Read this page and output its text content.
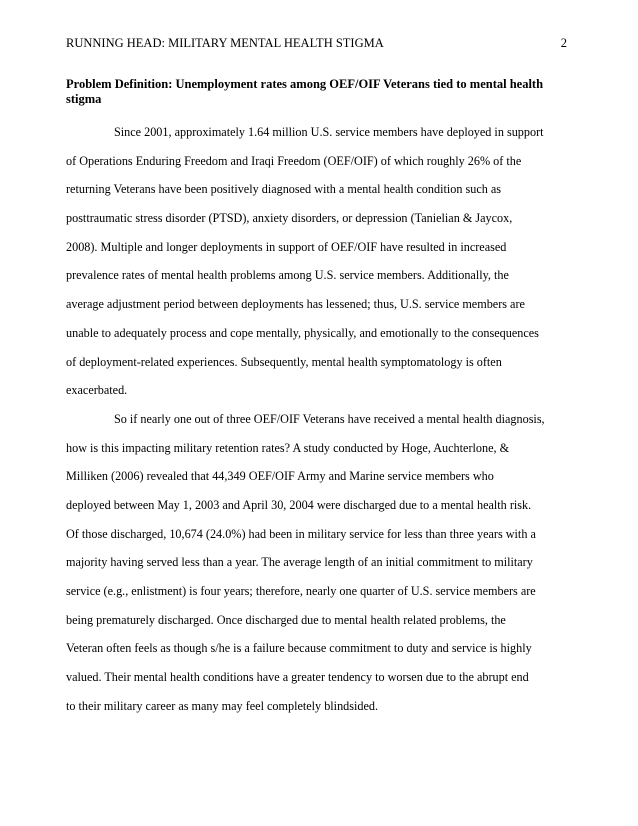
RUNNING HEAD: MILITARY MENTAL HEALTH STIGMA	2
Problem Definition: Unemployment rates among OEF/OIF Veterans tied to mental health
stigma
Since 2001, approximately 1.64 million U.S. service members have deployed in support
of Operations Enduring Freedom and Iraqi Freedom (OEF/OIF) of which roughly 26% of the
returning Veterans have been positively diagnosed with a mental health condition such as
posttraumatic stress disorder (PTSD), anxiety disorders, or depression (Tanielian & Jaycox,
2008). Multiple and longer deployments in support of OEF/OIF have resulted in increased
prevalence rates of mental health problems among U.S. service members. Additionally, the
average adjustment period between deployments has lessened; thus, U.S. service members are
unable to adequately process and cope mentally, physically, and emotionally to the consequences
of deployment-related experiences. Subsequently, mental health symptomatology is often
exacerbated.
So if nearly one out of three OEF/OIF Veterans have received a mental health diagnosis,
how is this impacting military retention rates? A study conducted by Hoge, Auchterlone, &
Milliken (2006) revealed that 44,349 OEF/OIF Army and Marine service members who
deployed between May 1, 2003 and April 30, 2004 were discharged due to a mental health risk.
Of those discharged, 10,674 (24.0%) had been in military service for less than three years with a
majority having served less than a year. The average length of an initial commitment to military
service (e.g., enlistment) is four years; therefore, nearly one quarter of U.S. service members are
being prematurely discharged. Once discharged due to mental health related problems, the
Veteran often feels as though s/he is a failure because commitment to duty and service is highly
valued. Their mental health conditions have a greater tendency to worsen due to the abrupt end
to their military career as many may feel completely blindsided.
